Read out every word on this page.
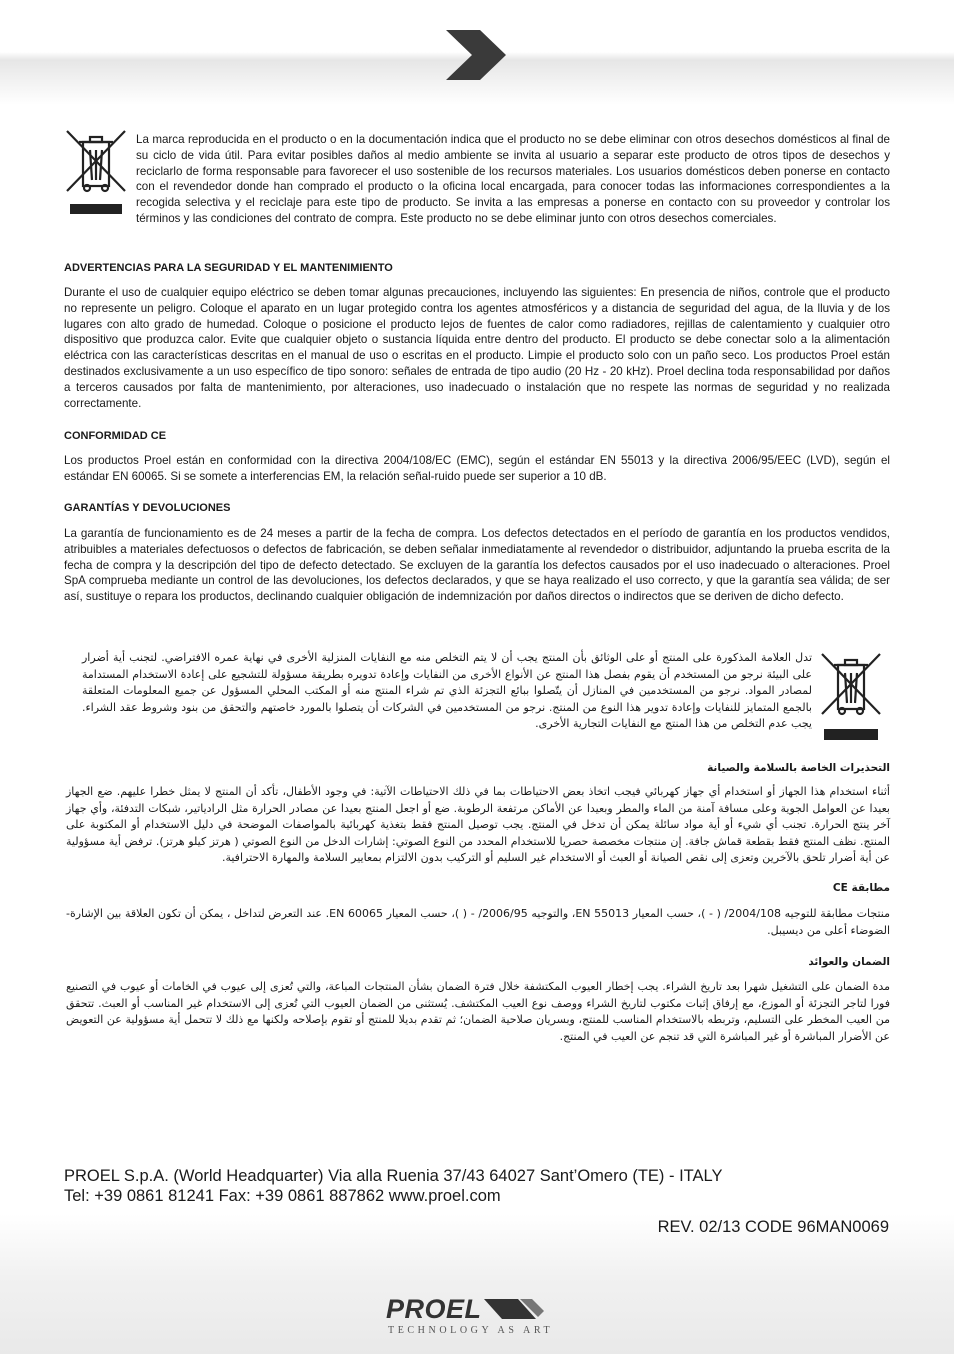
La marca reproducida en el producto o en la documentación indica que el producto no se debe eliminar con otros desechos domésticos al final de su ciclo de vida útil. Para evitar posibles daños al medio ambiente se invita al usuario a separar este producto de otros tipos de desechos y reciclarlo de forma responsable para favorecer el uso sostenible de los recursos materiales. Los usuarios domésticos deben ponerse en contacto con el revendedor donde han comprado el producto o la oficina local encargada, para conocer todas las informaciones correspondientes a la recogida selectiva y el reciclaje para este tipo de producto. Se invita a las empresas a ponerse en contacto con su proveedor y controlar los términos y las condiciones del contrato de compra. Este producto no se debe eliminar junto con otros desechos comerciales.

ADVERTENCIAS PARA LA SEGURIDAD Y EL MANTENIMIENTO

Durante el uso de cualquier equipo eléctrico se deben tomar algunas precauciones, incluyendo las siguientes: En presencia de niños, controle que el producto no represente un peligro. Coloque el aparato en un lugar protegido contra los agentes atmosféricos y a distancia de seguridad del agua, de la lluvia y de los lugares con alto grado de humedad. Coloque o posicione el producto lejos de fuentes de calor como radiadores, rejillas de calentamiento y cualquier otro dispositivo que produzca calor. Evite que cualquier objeto o sustancia líquida entre dentro del producto. El producto se debe conectar solo a la alimentación eléctrica con las características descritas en el manual de uso o escritas en el producto. Limpie el producto solo con un paño seco. Los productos Proel están destinados exclusivamente a un uso específico de tipo sonoro: señales de entrada de tipo audio (20 Hz - 20 kHz). Proel declina toda responsabilidad por daños a terceros causados por falta de mantenimiento, por alteraciones, uso inadecuado o instalación que no respete las normas de seguridad y no realizada correctamente.

CONFORMIDAD CE

Los productos Proel están en conformidad con la directiva 2004/108/EC (EMC), según el estándar EN 55013 y la directiva 2006/95/EEC (LVD), según el estándar EN 60065. Si se somete a interferencias EM, la relación señal-ruido puede ser superior a 10 dB.

GARANTÍAS Y DEVOLUCIONES

La garantía de funcionamiento es de 24 meses a partir de la fecha de compra. Los defectos detectados en el período de garantía en los productos vendidos, atribuibles a materiales defectuosos o defectos de fabricación, se deben señalar inmediatamente al revendedor o distribuidor, adjuntando la prueba escrita de la fecha de compra y la descripción del tipo de defecto detectado. Se excluyen de la garantía los defectos causados por el uso inadecuado o alteraciones. Proel SpA comprueba mediante un control de las devoluciones, los defectos declarados, y que se haya realizado el uso correcto, y que la garantía sea válida; de ser así, sustituye o repara los productos, declinando cualquier obligación de indemnización por daños directos o indirectos que se deriven de dicho defecto.

تدل العلامة المذكورة على المنتج أو على الوثائق بأن المنتج يجب أن لا يتم التخلص منه مع النفايات المنزلية الأخرى في نهاية عمره الافتراضي. لتجنب أية أضرار على البيئة نرجو من المستخدم أن يقوم بفصل هذا المنتج عن الأنواع الأخرى من النفايات وإعادة تدويره بطريقة مسؤولة للتشجيع على إعادة الاستخدام المستدامة لمصادر المواد. نرجو من المستخدمين في المنازل أن يتّصلوا ببائع التجزئة الذي تم شراء المنتج منه أو المكتب المحلي المسؤول عن جميع المعلومات المتعلقة بالجمع المتمايز للنفايات وإعادة تدوير هذا النوع من المنتج. نرجو من المستخدمين في الشركات أن يتصلوا بالمورد خاصتهم والتحقق من بنود وشروط عقد الشراء. يجب عدم التخلص من هذا المنتج مع النفايات التجارية الأخرى.

التحذيرات الخاصة بالسلامة والصيانة

أثناء استخدام هذا الجهاز أو استخدام أي جهاز كهربائي فيجب اتخاذ بعض الاحتياطات بما في ذلك الاحتياطات الآتية: في وجود الأطفال، تأكد أن المنتج لا يمثل خطرا عليهم. ضع الجهاز بعيدا عن العوامل الجوية وعلى مسافة آمنة من الماء والمطر وبعيدا عن الأماكن مرتفعة الرطوبة. ضع أو اجعل المنتج بعيدا عن مصادر الحرارة مثل الرادياتير، شبكات التدفئة، وأي جهاز آخر ينتج الحرارة. تجنب أي شيء أو أية مواد سائلة يمكن أن تدخل في المنتج. يجب توصيل المنتج فقط بتغذية كهربائية بالمواصفات الموضحة في دليل الاستخدام أو المكتوبة على المنتج. نظف المنتج فقط بقطعة قماش جافة. إن منتجات مخصصة حصريا للاستخدام المحدد من النوع الصوتي: إشارات الدخل من النوع الصوتي ( هرتز كيلو هرتز). ترفض أية مسؤولية عن أية أضرار تلحق بالآخرين وتعزى إلى نقص الصيانة أو العبث أو الاستخدام غير السليم أو التركيب بدون الالتزام بمعايير السلامة والمهارة الاحترافية.

مطابقة CE

منتجات مطابقة للتوجيه 2004/108/ ( - )، حسب المعيار EN 55013، والتوجيه 2006/95/ - ( )، حسب المعيار EN 60065. عند التعرض لتداخل ، يمكن أن تكون العلاقة بين الإشارة-الضوضاء أعلى من ديسيبل.

الضمان والعوائد

مدة الضمان على التشغيل شهرا بعد تاريخ الشراء. يجب إخطار العيوب المكتشفة خلال فترة الضمان بشأن المنتجات المباعة، والتي تُعزى إلى عيوب في الخامات أو عيوب في التصنيع فورا لتاجر التجزئة أو الموزع، مع إرفاق إثبات مكتوب لتاريخ الشراء ووصف نوع العيب المكتشف. يُستثنى من الضمان العيوب التي تُعزى إلى الاستخدام غير المناسب أو العبث. تتحقق من العيب المخطر على التسليم، وتربطه بالاستخدام المناسب للمنتج، وبسريان صلاحية الضمان؛ ثم تقدم بديلا للمنتج أو تقوم بإصلاحه ولكنها مع ذلك لا تتحمل أية مسؤولية عن التعويض عن الأضرار المباشرة أو غير المباشرة التي قد تنجم عن العيب في المنتج.

PROEL S.p.A. (World Headquarter) Via alla Ruenia 37/43 64027 Sant’Omero (TE) - ITALY

Tel: +39 0861 81241 Fax: +39 0861 887862 www.proel.com

REV. 02/13 CODE 96MAN0069

PROEL
TECHNOLOGY AS ART
